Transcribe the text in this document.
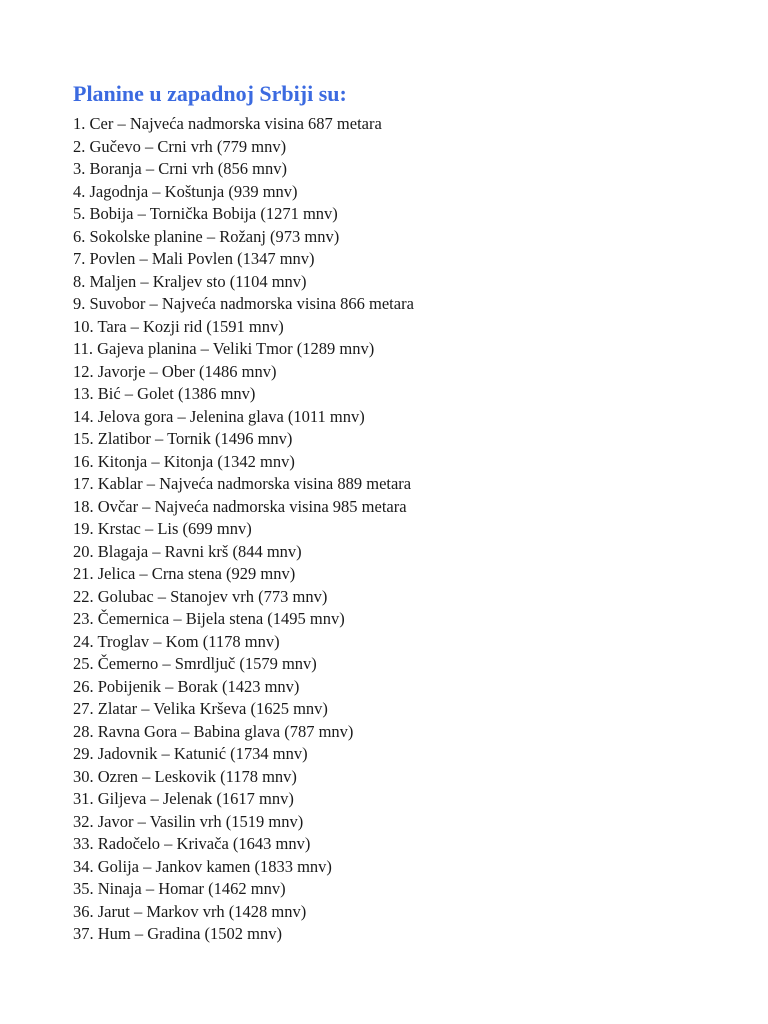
Planine u zapadnoj Srbiji su:
1. Cer – Najveća nadmorska visina 687 metara
2. Gučevo – Crni vrh (779 mnv)
3. Boranja – Crni vrh (856 mnv)
4. Jagodnja – Koštunja (939 mnv)
5. Bobija – Tornička Bobija (1271 mnv)
6. Sokolske planine – Rožanj (973 mnv)
7. Povlen – Mali Povlen (1347 mnv)
8. Maljen – Kraljev sto (1104 mnv)
9. Suvobor – Najveća nadmorska visina 866 metara
10. Tara – Kozji rid (1591 mnv)
11. Gajeva planina – Veliki Tmor (1289 mnv)
12. Javorje – Ober (1486 mnv)
13. Bić – Golet (1386 mnv)
14. Jelova gora – Jelenina glava (1011 mnv)
15. Zlatibor – Tornik (1496 mnv)
16. Kitonja – Kitonja (1342 mnv)
17. Kablar – Najveća nadmorska visina 889 metara
18. Ovčar – Najveća nadmorska visina 985 metara
19. Krstac – Lis (699 mnv)
20. Blagaja – Ravni krš (844 mnv)
21. Jelica – Crna stena (929 mnv)
22. Golubac – Stanojev vrh (773 mnv)
23. Čemernica – Bijela stena (1495 mnv)
24. Troglav – Kom (1178 mnv)
25. Čemerno – Smrdljuč (1579 mnv)
26. Pobijenik – Borak (1423 mnv)
27. Zlatar – Velika Krševa (1625 mnv)
28. Ravna Gora – Babina glava (787 mnv)
29. Jadovnik – Katunić (1734 mnv)
30. Ozren – Leskovik (1178 mnv)
31. Giljeva – Jelenak (1617 mnv)
32. Javor – Vasilin vrh (1519 mnv)
33. Radočelo – Krivača (1643 mnv)
34. Golija – Jankov kamen (1833 mnv)
35. Ninaja – Homar (1462 mnv)
36. Jarut – Markov vrh (1428 mnv)
37. Hum – Gradina (1502 mnv)
